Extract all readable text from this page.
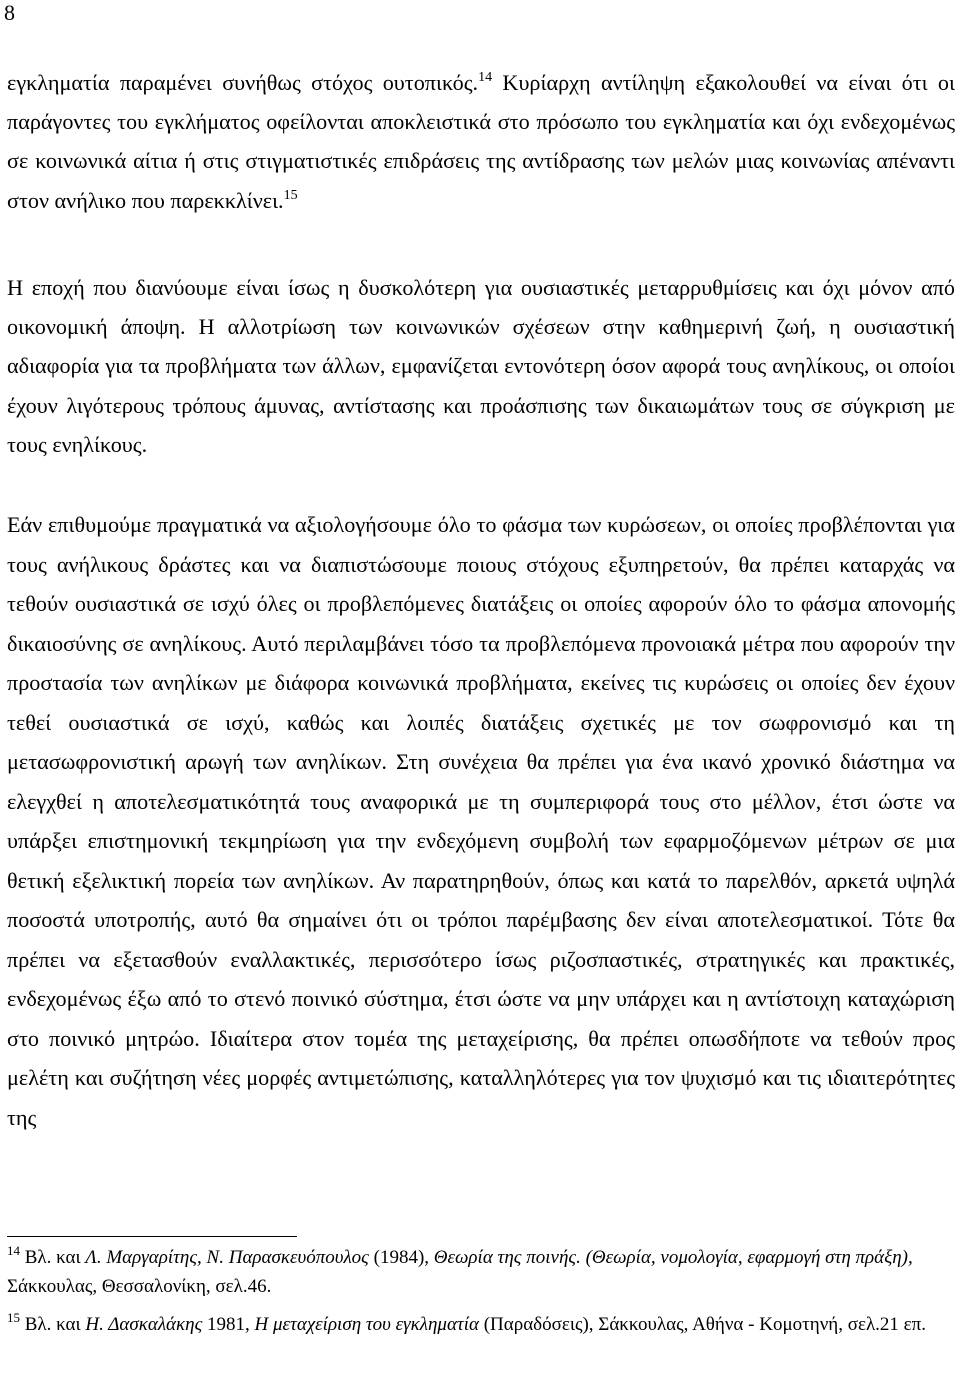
8

εγκληματία παραμένει συνήθως στόχος ουτοπικός.$^{14}$ Κυρίαρχη αντίληψη εξακολουθεί να είναι ότι οι παράγοντες του εγκλήματος οφείλονται αποκλειστικά στο πρόσωπο του εγκληματία και όχι ενδεχομένως σε κοινωνικά αίτια ή στις στιγματιστικές επιδράσεις της αντίδρασης των μελών μιας κοινωνίας απέναντι στον ανήλικο που παρεκκλίνει.$^{15}$

Η εποχή που διανύουμε είναι ίσως η δυσκολότερη για ουσιαστικές μεταρρυθμίσεις και όχι μόνον από οικονομική άποψη. Η αλλοτρίωση των κοινωνικών σχέσεων στην καθημερινή ζωή, η ουσιαστική αδιαφορία για τα προβλήματα των άλλων, εμφανίζεται εντονότερη όσον αφορά τους ανηλίκους, οι οποίοι έχουν λιγότερους τρόπους άμυνας, αντίστασης και προάσπισης των δικαιωμάτων τους σε σύγκριση με τους ενηλίκους.

Εάν επιθυμούμε πραγματικά να αξιολογήσουμε όλο το φάσμα των κυρώσεων, οι οποίες προβλέπονται για τους ανήλικους δράστες και να διαπιστώσουμε ποιους στόχους εξυπηρετούν, θα πρέπει καταρχάς να τεθούν ουσιαστικά σε ισχύ όλες οι προβλεπόμενες διατάξεις οι οποίες αφορούν όλο το φάσμα απονομής δικαιοσύνης σε ανηλίκους. Αυτό περιλαμβάνει τόσο τα προβλεπόμενα προνοιακά μέτρα που αφορούν την προστασία των ανηλίκων με διάφορα κοινωνικά προβλήματα, εκείνες τις κυρώσεις οι οποίες δεν έχουν τεθεί ουσιαστικά σε ισχύ, καθώς και λοιπές διατάξεις σχετικές με τον σωφρονισμό και τη μετασωφρονιστική αρωγή των ανηλίκων. Στη συνέχεια θα πρέπει για ένα ικανό χρονικό διάστημα να ελεγχθεί η αποτελεσματικότητά τους αναφορικά με τη συμπεριφορά τους στο μέλλον, έτσι ώστε να υπάρξει επιστημονική τεκμηρίωση για την ενδεχόμενη συμβολή των εφαρμοζόμενων μέτρων σε μια θετική εξελικτική πορεία των ανηλίκων. Αν παρατηρηθούν, όπως και κατά το παρελθόν, αρκετά υψηλά ποσοστά υποτροπής, αυτό θα σημαίνει ότι οι τρόποι παρέμβασης δεν είναι αποτελεσματικοί. Τότε θα πρέπει να εξετασθούν εναλλακτικές, περισσότερο ίσως ριζοσπαστικές, στρατηγικές και πρακτικές, ενδεχομένως έξω από το στενό ποινικό σύστημα, έτσι ώστε να μην υπάρχει και η αντίστοιχη καταχώριση στο ποινικό μητρώο. Ιδιαίτερα στον τομέα της μεταχείρισης, θα πρέπει οπωσδήποτε να τεθούν προς μελέτη και συζήτηση νέες μορφές αντιμετώπισης, καταλληλότερες για τον ψυχισμό και τις ιδιαιτερότητες της

$^{14}$ Βλ. και Λ. Μαργαρίτης, Ν. Παρασκευόπουλος (1984), Θεωρία της ποινής. (Θεωρία, νομολογία, εφαρμογή στη πράξη), Σάκκουλας, Θεσσαλονίκη, σελ.46.

$^{15}$ Βλ. και Η. Δασκαλάκης 1981, Η μεταχείριση του εγκληματία (Παραδόσεις), Σάκκουλας, Αθήνα - Κομοτηνή, σελ.21 επ.
